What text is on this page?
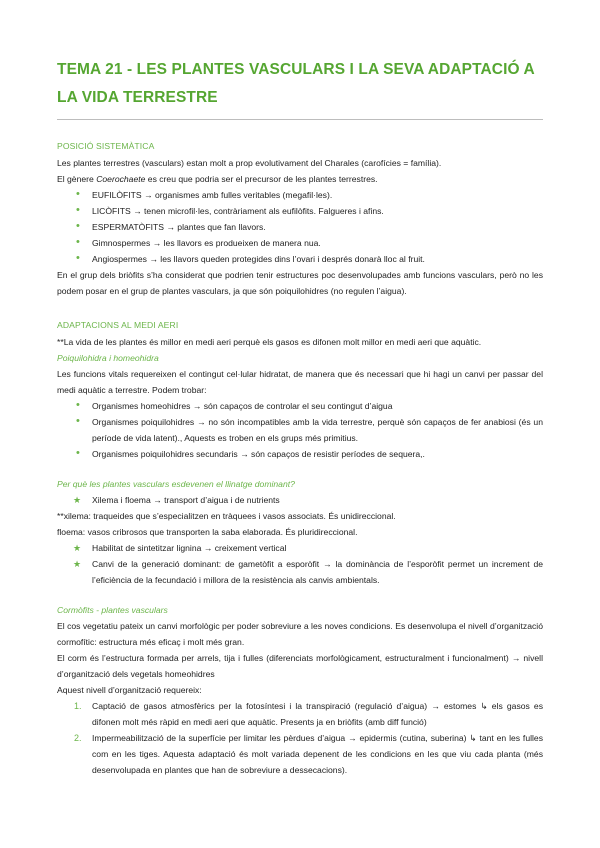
TEMA 21 - LES PLANTES VASCULARS I LA SEVA ADAPTACIÓ A LA VIDA TERRESTRE
POSICIÓ SISTEMÀTICA

Les plantes terrestres (vasculars) estan molt a prop evolutivament del Charales (carofícies = família).

El gènere Coerochaete es creu que podria ser el precursor de les plantes terrestres.

• EUFILÒFITS → organismes amb fulles veritables (megafil·les).
• LICÒFITS → tenen microfil·les, contràriament als eufilòfits. Falgueres i afins.
• ESPERMATÒFITS → plantes que fan llavors.
• Gimnospermes → les llavors es produeixen de manera nua.
• Angiospermes → les llavors queden protegides dins l’ovari i després donarà lloc al fruit.

En el grup dels briòfits s’ha considerat que podrien tenir estructures poc desenvolupades amb funcions vasculars, però no les podem posar en el grup de plantes vasculars, ja que són poiquilohidres (no regulen l’aigua).

ADAPTACIONS AL MEDI AERI

**La vida de les plantes és millor en medi aeri perquè els gasos es difonen molt millor en medi aeri que aquàtic.

Poiquilohidra i homeohidra

Les funcions vitals requereixen el contingut cel·lular hidratat, de manera que és necessari que hi hagi un canvi per passar del medi aquàtic a terrestre. Podem trobar:

• Organismes homeohidres → són capaços de controlar el seu contingut d’aigua
• Organismes poiquilohidres → no són incompatibles amb la vida terrestre, perquè són capaços de fer anabiosi (és un període de vida latent)., Aquests es troben en els grups més primitius.
• Organismes poiquilohidres secundaris → són capaços de resistir períodes de sequera,.
Per què les plantes vasculars esdevenen el llinatge dominant?
★ Xilema i floema → transport d’aigua i de nutrients

**xilema: traqueides que s’especialitzen en tràquees i vasos associats. És unidireccional.

floema: vasos cribrosos que transporten la saba elaborada. És pluridireccional.

★ Habilitat de sintetitzar lignina → creixement vertical
★ Canvi de la generació dominant: de gametòfit a esporòfit → la dominància de l’esporòfit permet un increment de l’eficiència de la fecundació i millora de la resistència als canvis ambientals.
Cormòfits - plantes vasculars

El cos vegetatiu pateix un canvi morfològic per poder sobreviure a les noves condicions. Es desenvolupa el nivell d’organització cormofític: estructura més eficaç i molt més gran.

El corm és l’estructura formada per arrels, tija i fulles (diferenciats morfològicament, estructuralment i funcionalment) → nivell d’organització dels vegetals homeohidres

Aquest nivell d’organització requereix:

1. Captació de gasos atmosfèrics per la fotosíntesi i la transpiració (regulació d’aigua) → estomes ↳ els gasos es difonen molt més ràpid en medi aeri que aquàtic. Presents ja en briòfits (amb diff funció)
2. Impermeabilització de la superfície per limitar les pèrdues d’aigua → epidermis (cutina, suberina) ↳ tant en les fulles com en les tiges. Aquesta adaptació és molt variada depenent de les condicions en les que viu cada planta (més desenvolupada en plantes que han de sobreviure a dessecacions).
